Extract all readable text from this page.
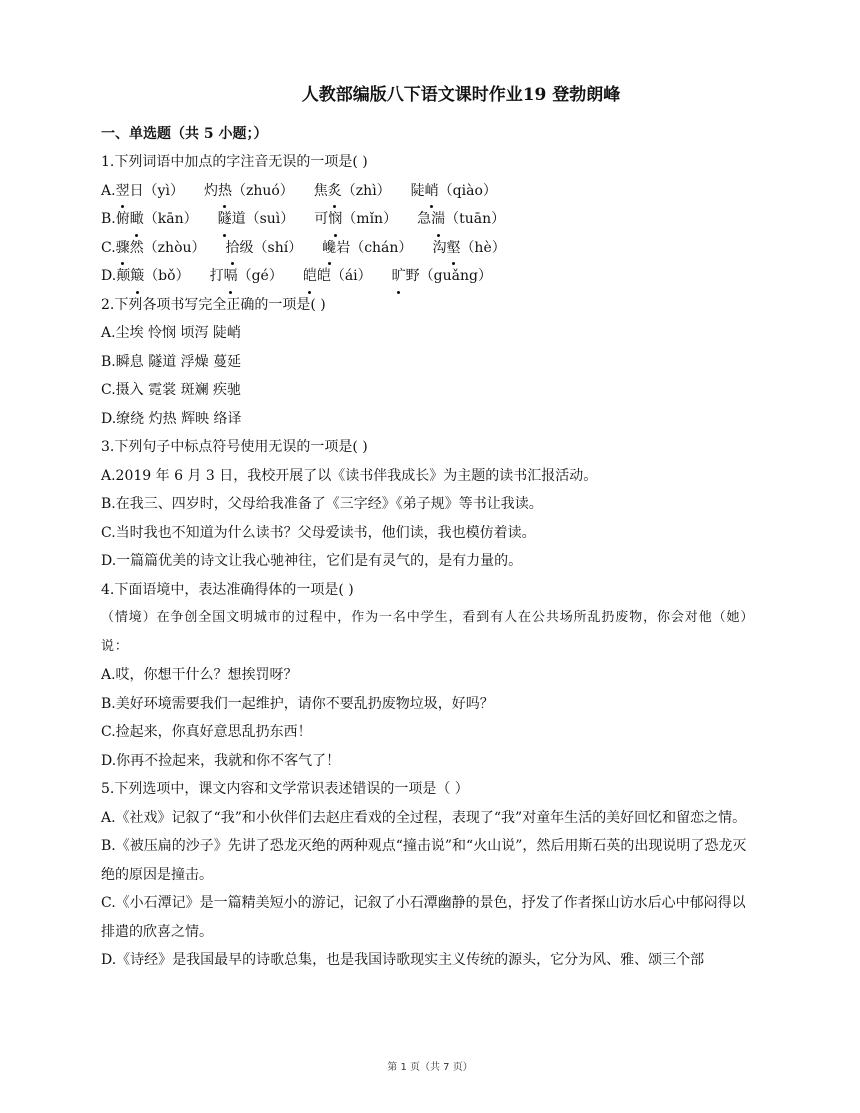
人教部编版八下语文课时作业19 登勃朗峰
一、单选题（共 5 小题；）
1.下列词语中加点的字注音无误的一项是( )
A.翌日（yì） 灼热（zhuó） 焦炙（zhì） 陡峭（qiào）
B.俯瞰（kān） 隧道（suì） 可悯（mǐn） 急湍（tuān）
C.骤然（zhòu） 拾级（shí） 巉岩（chán） 沟壑（hè）
D.颠簸（bǒ） 打嗝（gé） 皑皑（ái） 旷野（guǎng）
2.下列各项书写完全正确的一项是( )
A.尘埃 怜悯 顷泻 陡峭
B.瞬息 隧道 浮燥 蔓延
C.摄入 霓裳 斑斓 疾驰
D.缭绕 灼热 辉映 络译
3.下列句子中标点符号使用无误的一项是( )
A.2019 年 6 月 3 日，我校开展了以《读书伴我成长》为主题的读书汇报活动。
B.在我三、四岁时，父母给我准备了《三字经》《弟子规》等书让我读。
C.当时我也不知道为什么读书？父母爱读书，他们读，我也模仿着读。
D.一篇篇优美的诗文让我心驰神往，它们是有灵气的，是有力量的。
4.下面语境中，表达准确得体的一项是( )
（情境）在争创全国文明城市的过程中，作为一名中学生，看到有人在公共场所乱扔废物，你会对他（她）说：
A.哎，你想干什么？想挨罚呀？
B.美好环境需要我们一起维护，请你不要乱扔废物垃圾，好吗？
C.捡起来，你真好意思乱扔东西！
D.你再不捡起来，我就和你不客气了！
5.下列选项中，课文内容和文学常识表述错误的一项是（ ）
A.《社戏》记叙了“我”和小伙伴们去赵庄看戏的全过程，表现了“我”对童年生活的美好回忆和留恋之情。
B.《被压扁的沙子》先讲了恐龙灭绝的两种观点“撞击说”和“火山说”，然后用斯石英的出现说明了恐龙灭绝的原因是撞击。
C.《小石潭记》是一篇精美短小的游记，记叙了小石潭幽静的景色，抒发了作者探山访水后心中郁闷得以排遣的欣喜之情。
D.《诗经》是我国最早的诗歌总集，也是我国诗歌现实主义传统的源头，它分为风、雅、颂三个部
第 1 页（共 7 页）
